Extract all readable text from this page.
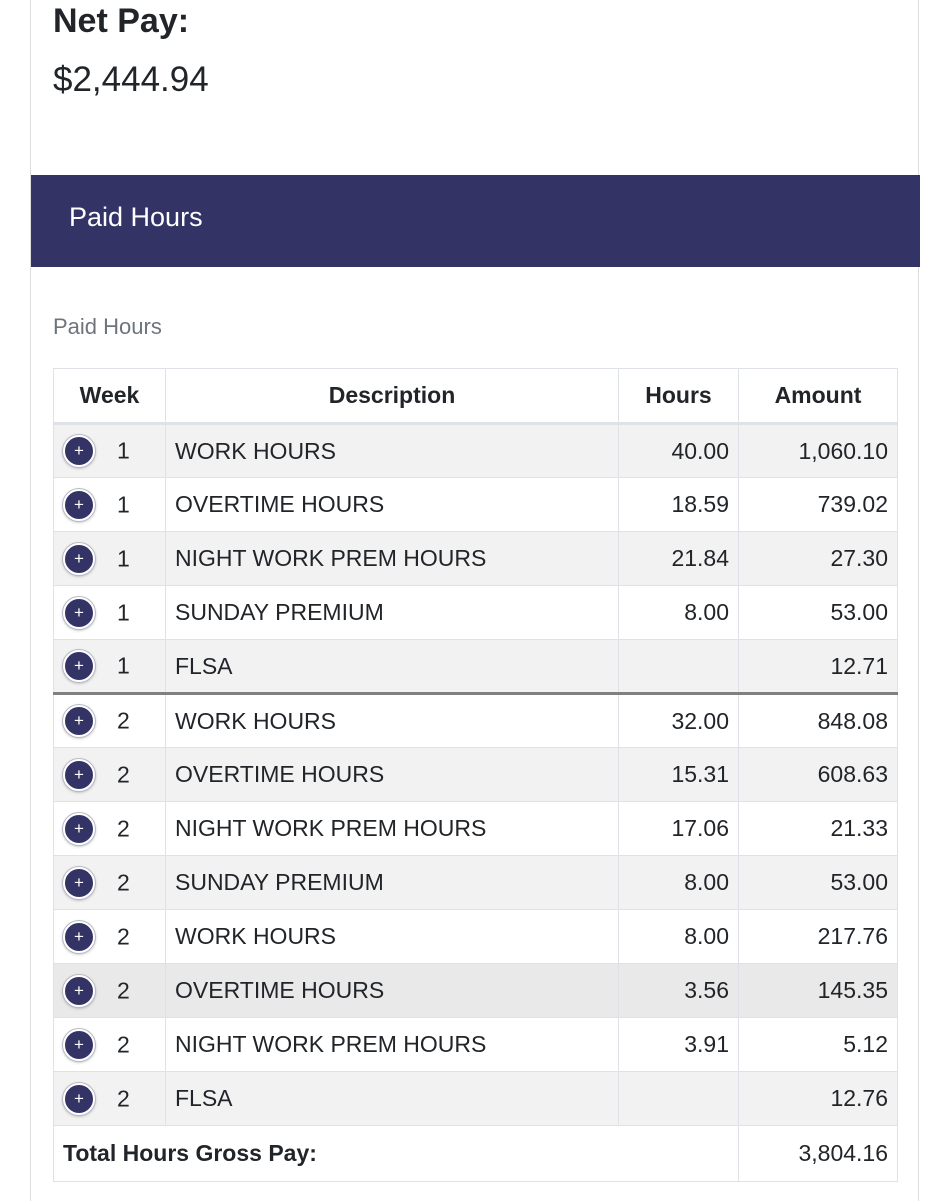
Net Pay:
$2,444.94
Paid Hours
Paid Hours
Week	Description	Hours	Amount
+ 1	WORK HOURS	40.00	1,060.10
+ 1	OVERTIME HOURS	18.59	739.02
+ 1	NIGHT WORK PREM HOURS	21.84	27.30
+ 1	SUNDAY PREMIUM	8.00	53.00
+ 1	FLSA		12.71
+ 2	WORK HOURS	32.00	848.08
+ 2	OVERTIME HOURS	15.31	608.63
+ 2	NIGHT WORK PREM HOURS	17.06	21.33
+ 2	SUNDAY PREMIUM	8.00	53.00
+ 2	WORK HOURS	8.00	217.76
+ 2	OVERTIME HOURS	3.56	145.35
+ 2	NIGHT WORK PREM HOURS	3.91	5.12
+ 2	FLSA		12.76
Total Hours Gross Pay:			3,804.16
